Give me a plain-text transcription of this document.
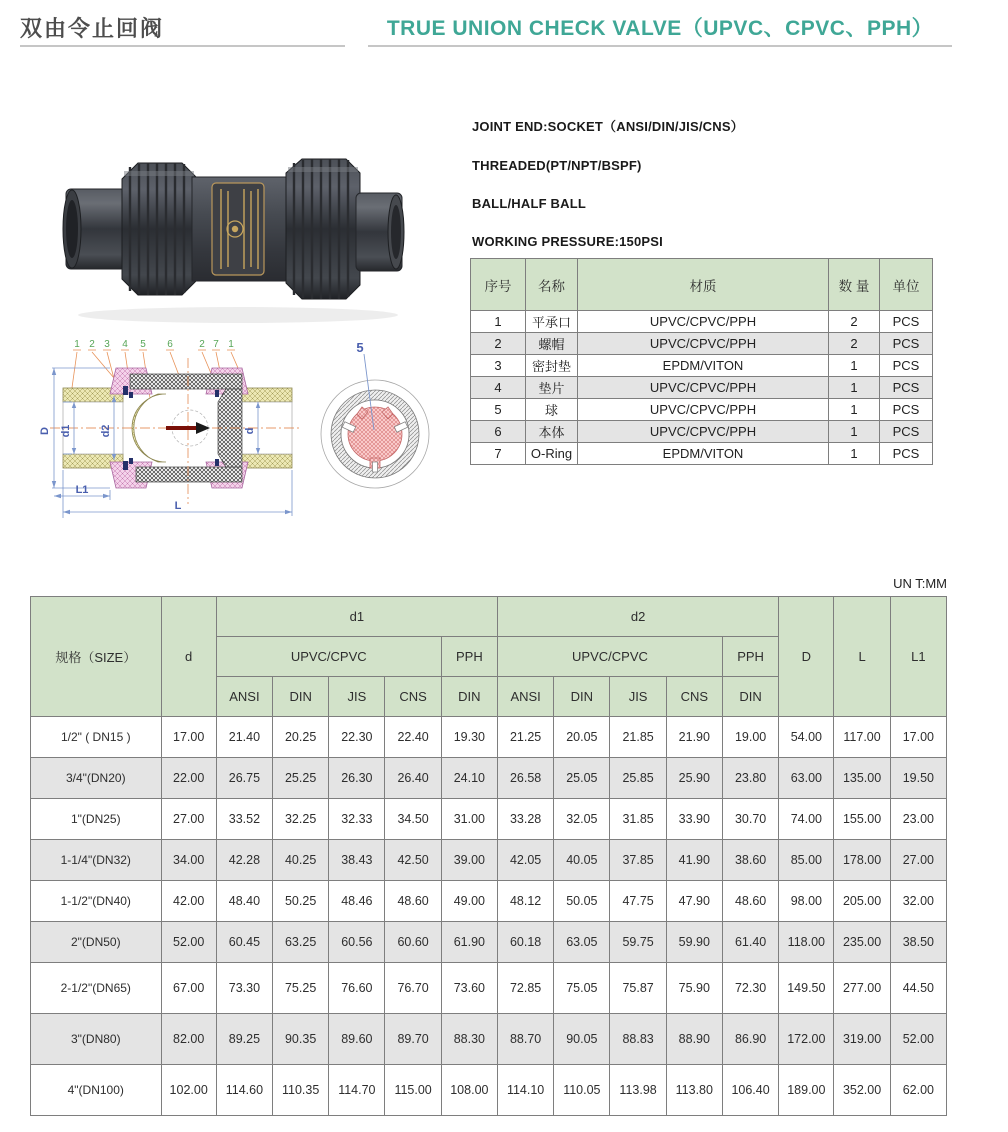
双由令止回阀	TRUE UNION CHECK VALVE（UPVC、CPVC、PPH）
JOINT END:SOCKET（ANSI/DIN/JIS/CNS）
THREADED(PT/NPT/BSPF)
BALL/HALF BALL
WORKING PRESSURE:150PSI
序号	名称	材质	数 量	单位
1	平承口	UPVC/CPVC/PPH	2	PCS
2	螺帽	UPVC/CPVC/PPH	2	PCS
3	密封垫	EPDM/VITON	1	PCS
4	垫片	UPVC/CPVC/PPH	1	PCS
5	球	UPVC/CPVC/PPH	1	PCS
6	本体	UPVC/CPVC/PPH	1	PCS
7	O-Ring	EPDM/VITON	1	PCS
1 2 3 4 5 6	2 7 1
D d1	d2	d
L1
L
5
UN T:MM
规格（SIZE）	d	d1					d2					D	L	L1
		UPVC/CPVC				PPH	UPVC/CPVC				PPH			
		ANSI	DIN	JIS	CNS	DIN	ANSI	DIN	JIS	CNS	DIN			
1/2" ( DN15 )	17.00	21.40	20.25	22.30	22.40	19.30	21.25	20.05	21.85	21.90	19.00	54.00	117.00	17.00
3/4"(DN20)	22.00	26.75	25.25	26.30	26.40	24.10	26.58	25.05	25.85	25.90	23.80	63.00	135.00	19.50
1"(DN25)	27.00	33.52	32.25	32.33	34.50	31.00	33.28	32.05	31.85	33.90	30.70	74.00	155.00	23.00
1-1/4"(DN32)	34.00	42.28	40.25	38.43	42.50	39.00	42.05	40.05	37.85	41.90	38.60	85.00	178.00	27.00
1-1/2"(DN40)	42.00	48.40	50.25	48.46	48.60	49.00	48.12	50.05	47.75	47.90	48.60	98.00	205.00	32.00
2"(DN50)	52.00	60.45	63.25	60.56	60.60	61.90	60.18	63.05	59.75	59.90	61.40	118.00	235.00	38.50
2-1/2"(DN65)	67.00	73.30	75.25	76.60	76.70	73.60	72.85	75.05	75.87	75.90	72.30	149.50	277.00	44.50
3"(DN80)	82.00	89.25	90.35	89.60	89.70	88.30	88.70	90.05	88.83	88.90	86.90	172.00	319.00	52.00
4"(DN100)	102.00	114.60	110.35	114.70	115.00	108.00	114.10	110.05	113.98	113.80	106.40	189.00	352.00	62.00
